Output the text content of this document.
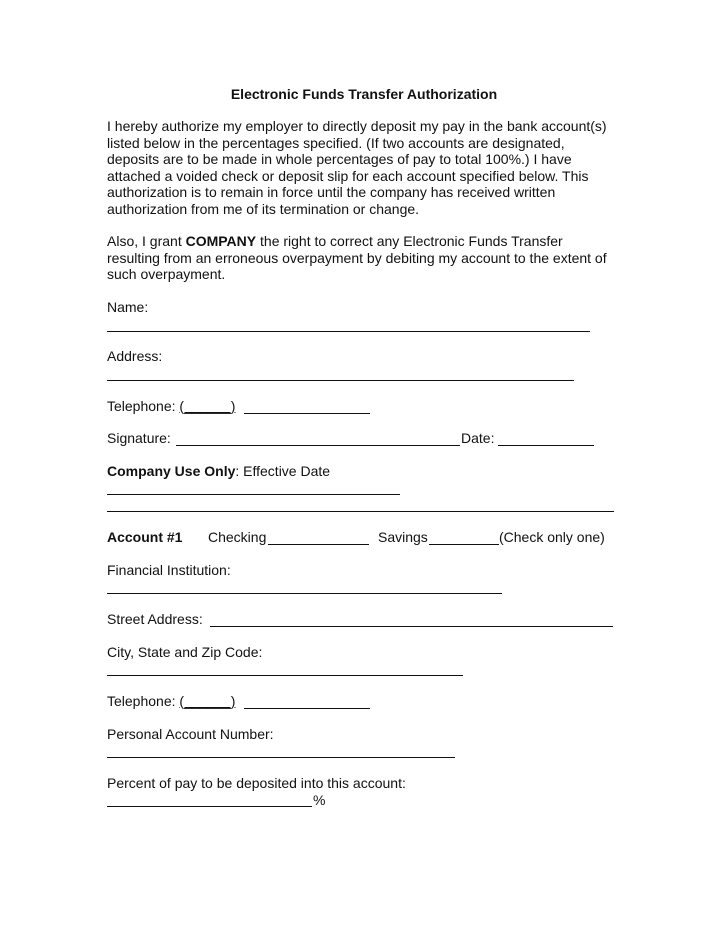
Electronic Funds Transfer Authorization
I hereby authorize my employer to directly deposit my pay in the bank account(s)
listed below in the percentages specified. (If two accounts are designated,
deposits are to be made in whole percentages of pay to total 100%.) I have
attached a voided check or deposit slip for each account specified below. This
authorization is to remain in force until the company has received written
authorization from me of its termination or change.
Also, I grant COMPANY the right to correct any Electronic Funds Transfer
resulting from an erroneous overpayment by debiting my account to the extent of
such overpayment.
Name:
Address:
Telephone: (______)
Signature:	Date:
Company Use Only: Effective Date
Account #1 Checking	Savings	(Check only one)
Financial Institution:
Street Address:
City, State and Zip Code:
Telephone: (______)
Personal Account Number:
Percent of pay to be deposited into this account:
%
